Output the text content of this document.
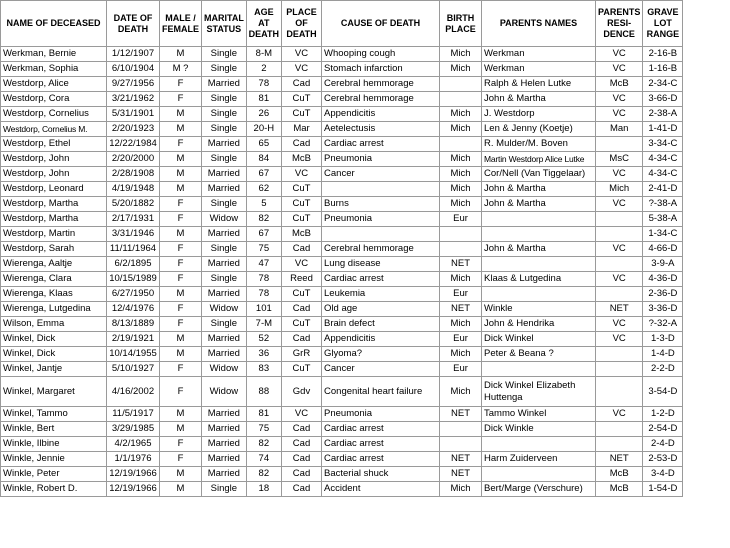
NAME OF DECEASED	DATE OF DEATH	MALE / FEMALE	MARITAL STATUS	AGE AT DEATH	PLACE OF DEATH	CAUSE OF DEATH	BIRTH PLACE	PARENTS NAMES	PARENTS RESI-DENCE	GRAVE LOT RANGE
Werkman, Bernie	1/12/1907	M	Single	8-M	VC	Whooping cough	Mich	Werkman	VC	2-16-B
Werkman, Sophia	6/10/1904	M ?	Single	2	VC	Stomach infarction	Mich	Werkman	VC	1-16-B
Westdorp, Alice	9/27/1956	F	Married	78	Cad	Cerebral hemmorage		Ralph & Helen Lutke	McB	2-34-C
Westdorp, Cora	3/21/1962	F	Single	81	CuT	Cerebral hemmorage		John & Martha	VC	3-66-D
Westdorp, Cornelius	5/31/1901	M	Single	26	CuT	Appendicitis	Mich	J. Westdorp	VC	2-38-A
Westdorp, Cornelius M.	2/20/1923	M	Single	20-H	Mar	Aetelectusis	Mich	Len & Jenny (Koetje)	Man	1-41-D
Westdorp, Ethel	12/22/1984	F	Married	65	Cad	Cardiac arrest		R. Mulder/M. Boven		3-34-C
Westdorp, John	2/20/2000	M	Single	84	McB	Pneumonia	Mich	Martin Westdorp Alice Lutke	MsC	4-34-C
Westdorp, John	2/28/1908	M	Married	67	VC	Cancer	Mich	Cor/Nell (Van Tiggelaar)	VC	4-34-C
Westdorp, Leonard	4/19/1948	M	Married	62	CuT		Mich	John & Martha	Mich	2-41-D
Westdorp, Martha	5/20/1882	F	Single	5	CuT	Burns	Mich	John & Martha	VC	?-38-A
Westdorp, Martha	2/17/1931	F	Widow	82	CuT	Pneumonia	Eur			5-38-A
Westdorp, Martin	3/31/1946	M	Married	67	McB					1-34-C
Westdorp, Sarah	11/11/1964	F	Single	75	Cad	Cerebral hemmorage		John & Martha	VC	4-66-D
Wierenga, Aaltje	6/2/1895	F	Married	47	VC	Lung disease	NET			3-9-A
Wierenga, Clara	10/15/1989	F	Single	78	Reed	Cardiac arrest	Mich	Klaas & Lutgedina	VC	4-36-D
Wierenga, Klaas	6/27/1950	M	Married	78	CuT	Leukemia	Eur			2-36-D
Wierenga, Lutgedina	12/4/1976	F	Widow	101	Cad	Old age	NET	Winkle	NET	3-36-D
Wilson, Emma	8/13/1889	F	Single	7-M	CuT	Brain defect	Mich	John & Hendrika	VC	?-32-A
Winkel, Dick	2/19/1921	M	Married	52	Cad	Appendicitis	Eur	Dick Winkel	VC	1-3-D
Winkel, Dick	10/14/1955	M	Married	36	GrR	Glyoma?	Mich	Peter & Beana ?		1-4-D
Winkel, Jantje	5/10/1927	F	Widow	83	CuT	Cancer	Eur			2-2-D
Winkel, Margaret	4/16/2002	F	Widow	88	Gdv	Congenital heart failure	Mich	Dick Winkel Elizabeth Huttenga		3-54-D
Winkel, Tammo	11/5/1917	M	Married	81	VC	Pneumonia	NET	Tammo Winkel	VC	1-2-D
Winkle, Bert	3/29/1985	M	Married	75	Cad	Cardiac arrest		Dick Winkle		2-54-D
Winkle, Ilbine	4/2/1965	F	Married	82	Cad	Cardiac arrest				2-4-D
Winkle, Jennie	1/1/1976	F	Married	74	Cad	Cardiac arrest	NET	Harm Zuiderveen	NET	2-53-D
Winkle, Peter	12/19/1966	M	Married	82	Cad	Bacterial shuck	NET		McB	3-4-D
Winkle, Robert D.	12/19/1966	M	Single	18	Cad	Accident	Mich	Bert/Marge (Verschure)	McB	1-54-D
